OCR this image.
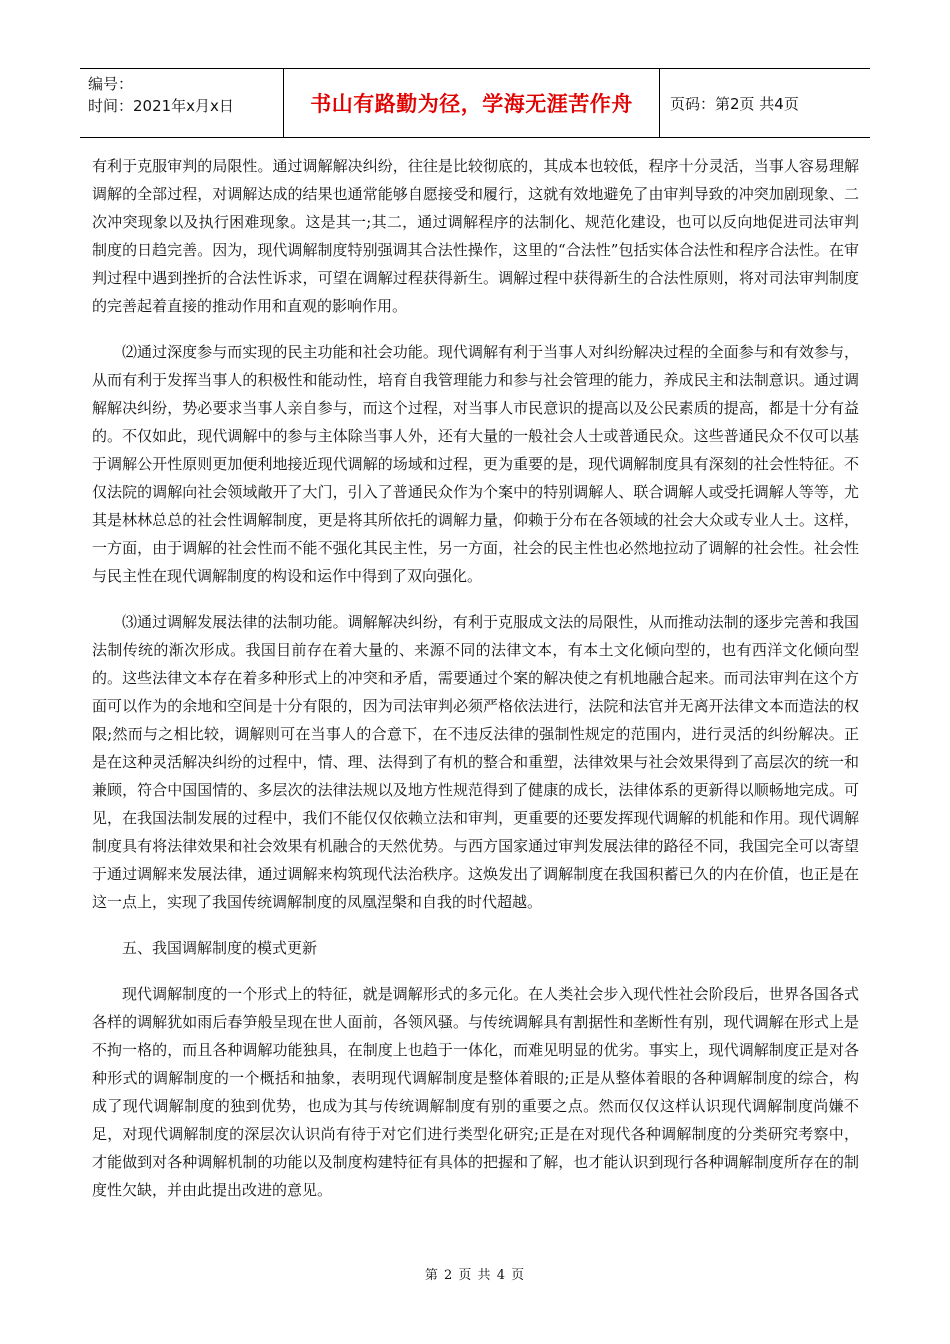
编号：
时间：2021年x月x日	书山有路勤为径，学海无涯苦作舟	页码：第2页 共4页

有利于克服审判的局限性。通过调解解决纠纷，往往是比较彻底的，其成本也较低，程序十分灵活，当事人容易理解调解的全部过程，对调解达成的结果也通常能够自愿接受和履行，这就有效地避免了由审判导致的冲突加剧现象、二次冲突现象以及执行困难现象。这是其一;其二，通过调解程序的法制化、规范化建设，也可以反向地促进司法审判制度的日趋完善。因为，现代调解制度特别强调其合法性操作，这里的“合法性”包括实体合法性和程序合法性。在审判过程中遇到挫折的合法性诉求，可望在调解过程获得新生。调解过程中获得新生的合法性原则，将对司法审判制度的完善起着直接的推动作用和直观的影响作用。

⑵通过深度参与而实现的民主功能和社会功能。现代调解有利于当事人对纠纷解决过程的全面参与和有效参与，从而有利于发挥当事人的积极性和能动性，培育自我管理能力和参与社会管理的能力，养成民主和法制意识。通过调解解决纠纷，势必要求当事人亲自参与，而这个过程，对当事人市民意识的提高以及公民素质的提高，都是十分有益的。不仅如此，现代调解中的参与主体除当事人外，还有大量的一般社会人士或普通民众。这些普通民众不仅可以基于调解公开性原则更加便利地接近现代调解的场域和过程，更为重要的是，现代调解制度具有深刻的社会性特征。不仅法院的调解向社会领域敞开了大门，引入了普通民众作为个案中的特别调解人、联合调解人或受托调解人等等，尤其是林林总总的社会性调解制度，更是将其所依托的调解力量，仰赖于分布在各领域的社会大众或专业人士。这样，一方面，由于调解的社会性而不能不强化其民主性，另一方面，社会的民主性也必然地拉动了调解的社会性。社会性与民主性在现代调解制度的构设和运作中得到了双向强化。

⑶通过调解发展法律的法制功能。调解解决纠纷，有利于克服成文法的局限性，从而推动法制的逐步完善和我国法制传统的渐次形成。我国目前存在着大量的、来源不同的法律文本，有本土文化倾向型的，也有西洋文化倾向型的。这些法律文本存在着多种形式上的冲突和矛盾，需要通过个案的解决使之有机地融合起来。而司法审判在这个方面可以作为的余地和空间是十分有限的，因为司法审判必须严格依法进行，法院和法官并无离开法律文本而造法的权限;然而与之相比较，调解则可在当事人的合意下，在不违反法律的强制性规定的范围内，进行灵活的纠纷解决。正是在这种灵活解决纠纷的过程中，情、理、法得到了有机的整合和重塑，法律效果与社会效果得到了高层次的统一和兼顾，符合中国国情的、多层次的法律法规以及地方性规范得到了健康的成长，法律体系的更新得以顺畅地完成。可见，在我国法制发展的过程中，我们不能仅仅依赖立法和审判，更重要的还要发挥现代调解的机能和作用。现代调解制度具有将法律效果和社会效果有机融合的天然优势。与西方国家通过审判发展法律的路径不同，我国完全可以寄望于通过调解来发展法律，通过调解来构筑现代法治秩序。这焕发出了调解制度在我国积蓄已久的内在价值，也正是在这一点上，实现了我国传统调解制度的凤凰涅槃和自我的时代超越。

五、我国调解制度的模式更新

现代调解制度的一个形式上的特征，就是调解形式的多元化。在人类社会步入现代性社会阶段后，世界各国各式各样的调解犹如雨后春笋般呈现在世人面前，各领风骚。与传统调解具有割据性和垄断性有别，现代调解在形式上是不拘一格的，而且各种调解功能独具，在制度上也趋于一体化，而难见明显的优劣。事实上，现代调解制度正是对各种形式的调解制度的一个概括和抽象，表明现代调解制度是整体着眼的;正是从整体着眼的各种调解制度的综合，构成了现代调解制度的独到优势，也成为其与传统调解制度有别的重要之点。然而仅仅这样认识现代调解制度尚嫌不足，对现代调解制度的深层次认识尚有待于对它们进行类型化研究;正是在对现代各种调解制度的分类研究考察中，才能做到对各种调解机制的功能以及制度构建特征有具体的把握和了解，也才能认识到现行各种调解制度所存在的制度性欠缺，并由此提出改进的意见。

第 2 页 共 4 页
